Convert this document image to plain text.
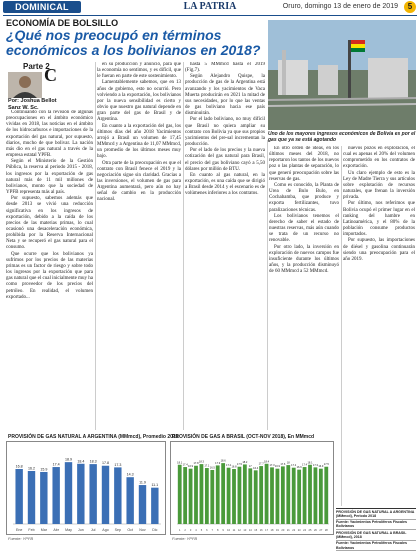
DOMINICAL	LA PATRIA	Oruro, domingo 13 de enero de 2019	5
ECONOMÍA DE BOLSILLO
¿Qué nos preocupó en términos económicos a los bolivianos en 2018?
Parte 2
Por: Joshua Bellot
Sanz W. Sc.
C

Continuando con la revisión de algunas preocupaciones en el ámbito económico vividas en 2018, las noticias en el ámbito de los hidrocarburos e importaciones de la exportación del gas natural, por supuesto, diarios, mucho de que bolivar. La nación más dio en el gas natural a través de la empresa estatal YPFB.

Según el Ministerio de la Gestión Pública, la reserva al periodo 2015 - 2018, los ingresos por la exportación de gas natural más de 11 mil millones de bolivianos, monto que la sociedad de YPFB representa más al país.

Por supuesto, sabemos además que desde 2013 se vivió una reducción significativa en los ingresos de exportación, debido a la caída de los precios de las materias primas, lo cual ocasionó una desaceleración económica, prohibida por la Reserva Internacional Neta y se recuperó el gas natural para el consumo.

Que ocurre que los bolivianos ya sufrimos por los precios de las materias primas es un factor de riesgo y sobre todo los ingresos por la exportación que para gas natural que el cual inicialmente muy ha como proveedor de los precios del petróleo. En realidad, el volumen exportado...

en su producción y anunció, para que la economía no sentimos, y es difícil, que le fueran en parte de este sostenimiento.

Lamentablemente sabemos, que en 13 años de gobierno, esto no ocurrió. Pero volviendo a la exportación, los bolivianos por la nueva sensibilidad es cierto y obvio que nuestro gas natural depende en gran parte del gas de Brasil y de Argentina.

En cuanto a la exportación del gas, los últimos días del año 2018 Yacimientos arrojó a Brasil un volumen de 17,45 MMmcd y a Argentina de 11,07 MMmcd, un promedio de los últimos meses muy bajo.

Otra parte de la preocupación es que el contrato con Brasil fenece el 2019 y la negociación sigue sin claridad. Gracias a las inversiones, el volumen de gas para Argentina aumentará, pero aún no hay señal de cambio en la producción nacional.

hasta 5 MMmcd hasta el 2019 (Fig.7).

Según Alejandro Quispe, la producción de gas de la Argentina está avanzando y los yacimientos de Vaca Muerta producirán en 2021 la mitad de sus necesidades, por lo que las ventas de gas boliviano hacia ese país disminuirán.

Por el lado boliviano, no muy difícil que Brasil no quiera ampliar su contrato con Bolivia ya que sus propios yacimientos del pre-sal incrementan la producción.

Por el lado de los precios y la nueva cotización del gas natural para Brasil, el precio del gas boliviano cayó a 5,50 dólares por millón de BTU.

En cuanto al gas natural, en la exportación, es una caída que se dirigió a Brasil desde 2014 y el escenario es de volúmenes inferiores a los contratos.

Uno de los mayores ingresos económicos de Bolivia es por el gas que ya se está agotando

En otro orden de ideas, en los últimos meses del 2018, no reportaron los tantos de los nuevos poz o las plantas de separación, lo que generó preocupación sobre las reservas de gas.

Como es conocido, la Planta de Urea de Bulo Bulo, en Cochabamba, que produce y exporta fertilizantes, tuvo paralizaciones técnicas.

Los bolivianos tenemos el derecho de saber el estado de nuestras reservas, más aún cuando se trata de un recurso no renovable.

Por otro lado, la inversión en exploración de nuevos campos fue insuficiente durante los últimos años, y la producción disminuyó de 60 MMmcd a 52 MMmcd.

nuevos pozos en exploración, el cual es apenas el 20% del volumen comprometido en los contratos de exportación.

Un claro ejemplo de esto es la Ley de Madre Tierra y sus artículos sobre explotación de recursos naturales, que frenan la inversión privada.

Por último, nos referimos que Bolivia ocupó el primer lugar en el ranking del hambre en Latinoamérica, y el 80% de la población consume productos importados.

Por supuesto, las importaciones de diésel y gasolina continuarán siendo una preocupación para el año 2019.

PROVISIÓN DE GAS NATURAL A ARGENTINA (MMmcd), Promedio 2018
16.8
Ene
16.2
Feb
15.9
Mar
17.4
Abr
18.9
May
18.4
Jun
18.3
Jul
17.8
Ago
17.3
Sep
14.3
Oct
11.9
Nov
11.1
Dic
Fuente: YPFB
PROVISIÓN DE GAS A BRASIL (OCT-NOV 2018), En MMmcd
18.1
1
17.4
2
16.9
3
17.8
4
18.3
5
17.1
6
16.5
7
17.9
8
18.6
9
17.2
10
16.8
11
17.5
12
18.2
13
17
14
16.4
15
17.7
16
18.4
17
17.3
18
16.9
19
17.6
20
18
21
17.2
22
16.6
23
17.4
24
18.1
25
17.3
26
16.9
27
17.5
28
Fuente: YPFB
PROVISIÓN DE GAS NATURAL A ARGENTINA (MMmcd), Periodo 2018
Fuente: Yacimientos Petrolíferos Fiscales Bolivianos
PROVISIÓN DE GAS NATURAL A BRASIL (MMmcd), 2018
Fuente: Yacimientos Petrolíferos Fiscales Bolivianos
